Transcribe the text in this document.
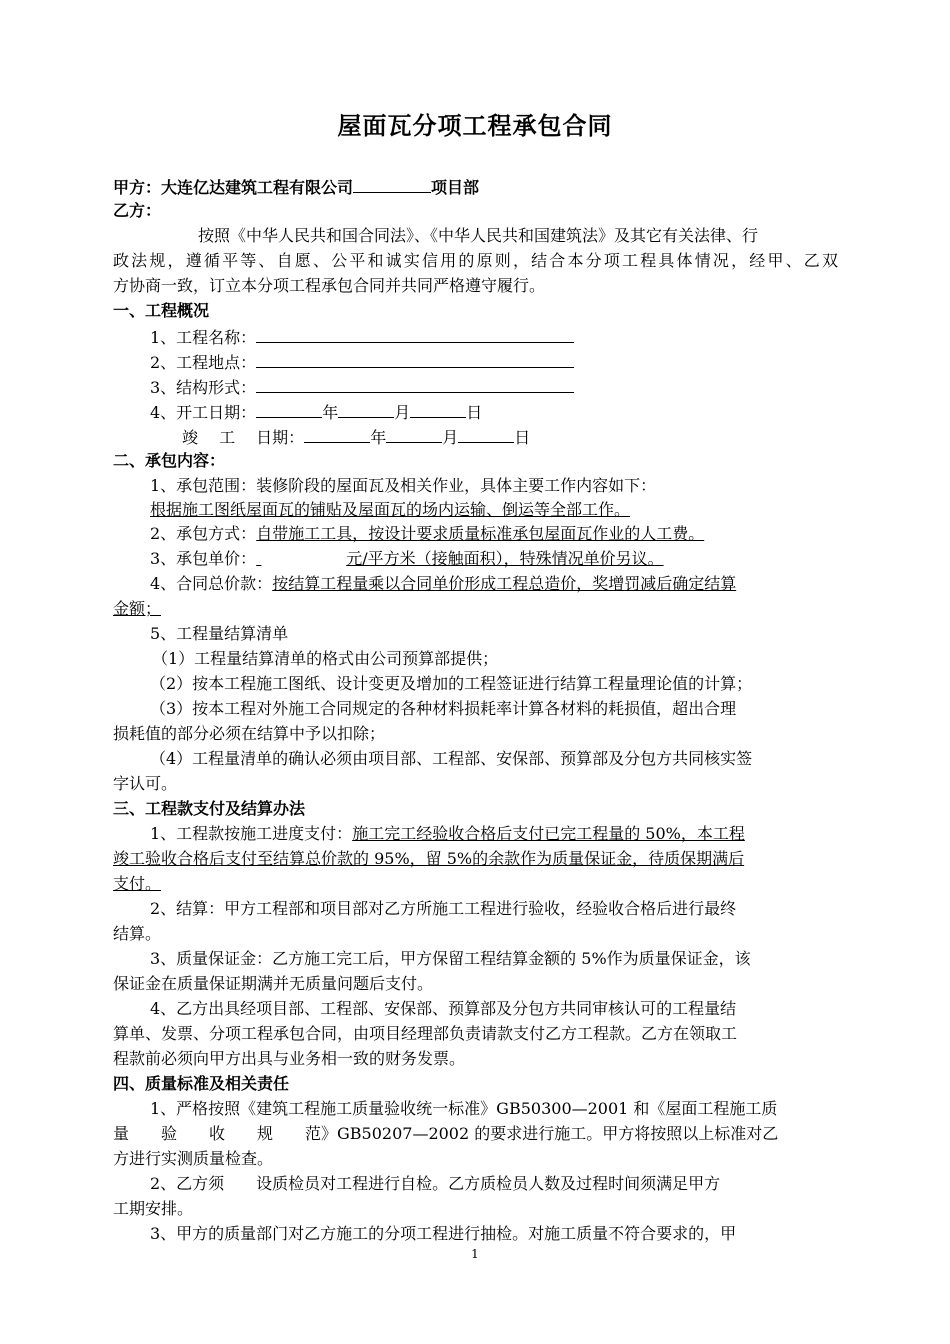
屋面瓦分项工程承包合同
甲方：大连亿达建筑工程有限公司	项目部
乙方：
按照《中华人民共和国合同法》、《中华人民共和国建筑法》及其它有关法律、行
政法规，遵循平等、自愿、公平和诚实信用的原则，结合本分项工程具体情况，经甲、乙双
方协商一致，订立本分项工程承包合同并共同严格遵守履行。
一、工程概况
1、工程名称：
2、工程地点：
3、结构形式：
4、开工日期：	年	月	日
竣　 工　 日期：	年	月	日
二、承包内容：
1、承包范围：装修阶段的屋面瓦及相关作业，具体主要工作内容如下：
根据施工图纸屋面瓦的铺贴及屋面瓦的场内运输、倒运等全部工作。
2、承包方式：自带施工工具，按设计要求质量标准承包屋面瓦作业的人工费。
3、承包单价：	元/平方米（接触面积），特殊情况单价另议。
4、合同总价款：按结算工程量乘以合同单价形成工程总造价，奖增罚减后确定结算
金额；
5、工程量结算清单
（1）工程量结算清单的格式由公司预算部提供；
（2）按本工程施工图纸、设计变更及增加的工程签证进行结算工程量理论值的计算；
（3）按本工程对外施工合同规定的各种材料损耗率计算各材料的耗损值，超出合理
损耗值的部分必须在结算中予以扣除；
（4）工程量清单的确认必须由项目部、工程部、安保部、预算部及分包方共同核实签
字认可。
三、工程款支付及结算办法
1、工程款按施工进度支付：施工完工经验收合格后支付已完工程量的 50%，本工程
竣工验收合格后支付至结算总价款的 95%，留 5%的余款作为质量保证金，待质保期满后
支付。
2、结算：甲方工程部和项目部对乙方所施工工程进行验收，经验收合格后进行最终
结算。
3、质量保证金：乙方施工完工后，甲方保留工程结算金额的 5%作为质量保证金，该
保证金在质量保证期满并无质量问题后支付。
4、乙方出具经项目部、工程部、安保部、预算部及分包方共同审核认可的工程量结
算单、发票、分项工程承包合同，由项目经理部负责请款支付乙方工程款。乙方在领取工
程款前必须向甲方出具与业务相一致的财务发票。
四、质量标准及相关责任
1、严格按照《建筑工程施工质量验收统一标准》GB50300—2001 和《屋面工程施工质
量　　验　　收　　规　　范》GB50207—2002 的要求进行施工。甲方将按照以上标准对乙
方进行实测质量检查。
2、乙方须　　设质检员对工程进行自检。乙方质检员人数及过程时间须满足甲方
工期安排。
3、甲方的质量部门对乙方施工的分项工程进行抽检。对施工质量不符合要求的，甲
1
